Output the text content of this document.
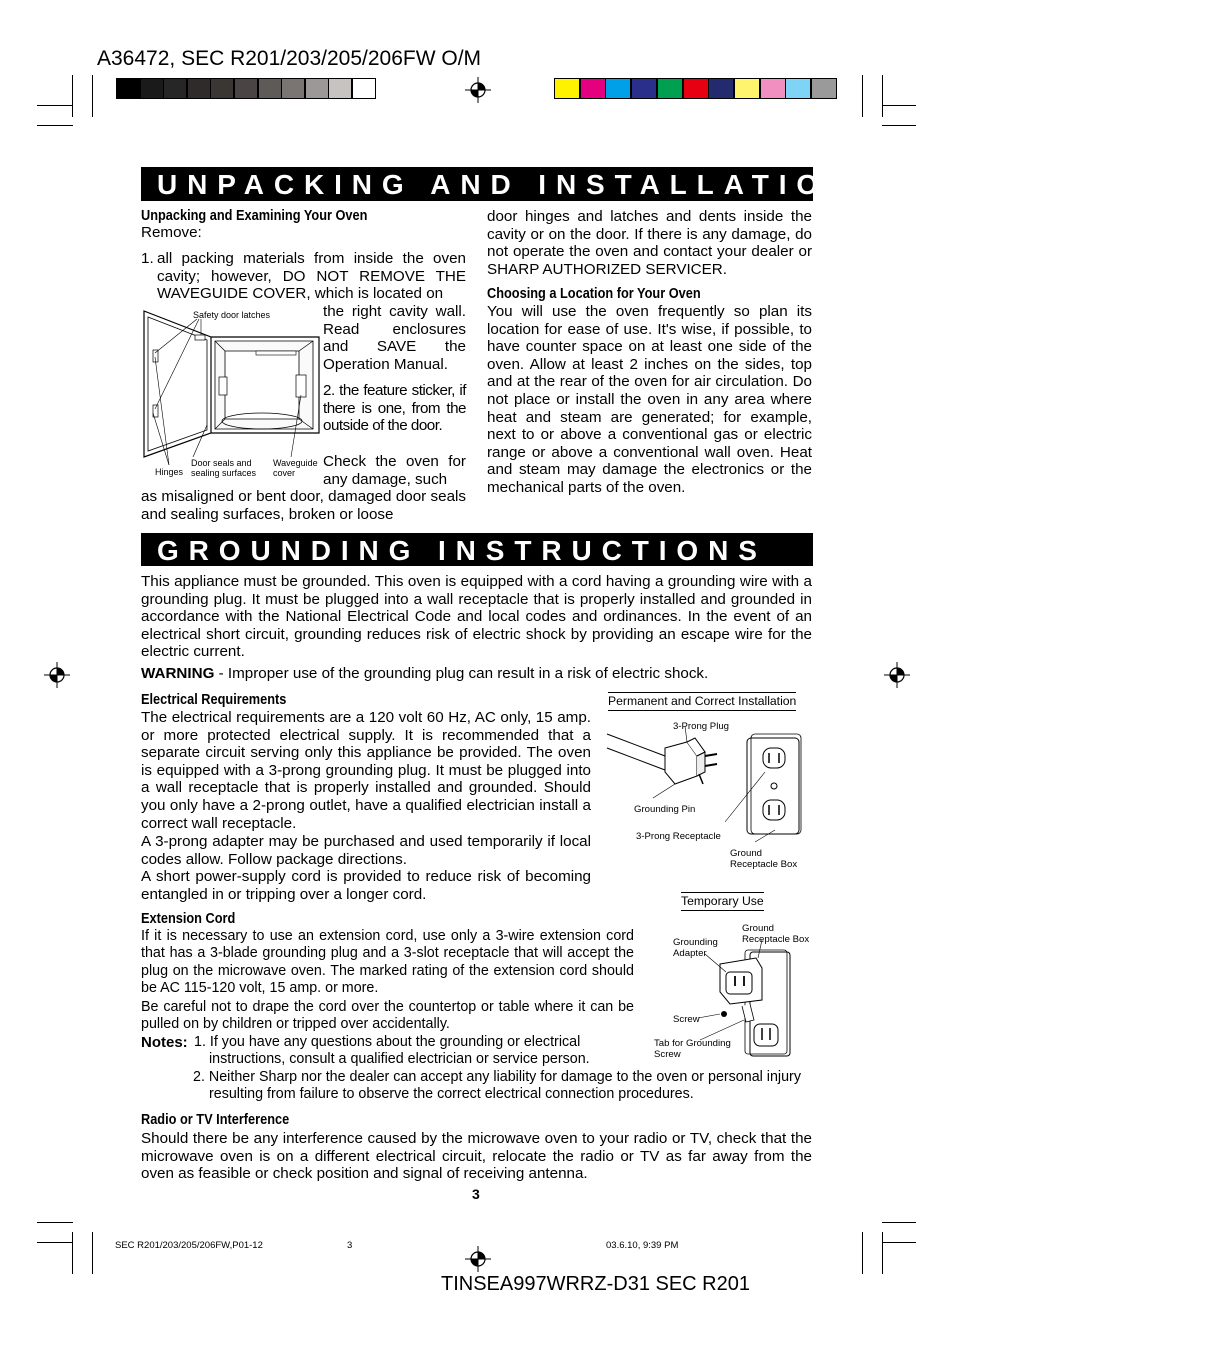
A36472, SEC R201/203/205/206FW O/M
UNPACKING AND INSTALLATION INSTRUCTIONS
Unpacking and Examining Your Oven
Remove:
1. all packing materials from inside the oven cavity; however, DO NOT REMOVE THE WAVEGUIDE COVER, which is located on
the right cavity wall. Read enclosures and SAVE the Operation Manual.
2. the feature sticker, if there is one, from the outside of the door.
Check the oven for any damage, such
as misaligned or bent door, damaged door seals and sealing surfaces, broken or loose
Safety door latches
Hinges
Door seals and sealing surfaces
Waveguide cover
door hinges and latches and dents inside the cavity or on the door. If there is any damage, do not operate the oven and contact your dealer or SHARP AUTHORIZED SERVICER.
Choosing a Location for Your Oven
You will use the oven frequently so plan its location for ease of use. It's wise, if possible, to have counter space on at least one side of the oven. Allow at least 2 inches on the sides, top and at the rear of the oven for air circulation. Do not place or install the oven in any area where heat and steam are generated; for example, next to or above a conventional gas or electric range or above a conventional wall oven. Heat and steam may damage the electronics or the mechanical parts of the oven.
GROUNDING INSTRUCTIONS
This appliance must be grounded. This oven is equipped with a cord having a grounding wire with a grounding plug. It must be plugged into a wall receptacle that is properly installed and grounded in accordance with the National Electrical Code and local codes and ordinances. In the event of an electrical short circuit, grounding reduces risk of electric shock by providing an escape wire for the electric current.
WARNING - Improper use of the grounding plug can result in a risk of electric shock.
Electrical Requirements
The electrical requirements are a 120 volt 60 Hz, AC only, 15 amp. or more protected electrical supply. It is recommended that a separate circuit serving only this appliance be provided. The oven is equipped with a 3-prong grounding plug. It must be plugged into a wall receptacle that is properly installed and grounded. Should you only have a 2-prong outlet, have a qualified electrician install a correct wall receptacle.
A 3-prong adapter may be purchased and used temporarily if local codes allow. Follow package directions.
A short power-supply cord is provided to reduce risk of becoming entangled in or tripping over a longer cord.
Extension Cord
If it is necessary to use an extension cord, use only a 3-wire extension cord that has a 3-blade grounding plug and a 3-slot receptacle that will accept the plug on the microwave oven. The marked rating of the extension cord should be AC 115-120 volt, 15 amp. or more.
Be careful not to drape the cord over the countertop or table where it can be pulled on by children or tripped over accidentally.
Notes: 1. If you have any questions about the grounding or electrical instructions, consult a qualified electrician or service person.
2. Neither Sharp nor the dealer can accept any liability for damage to the oven or personal injury resulting from failure to observe the correct electrical connection procedures.
Radio or TV Interference
Should there be any interference caused by the microwave oven to your radio or TV, check that the microwave oven is on a different electrical circuit, relocate the radio or TV as far away from the oven as feasible or check position and signal of receiving antenna.
Permanent and Correct Installation
3-Prong Plug
Grounding Pin
3-Prong Receptacle
Ground Receptacle Box
Temporary Use
Ground Receptacle Box
Grounding Adapter
Screw
Tab for Grounding Screw
3
SEC R201/203/205/206FW,P01-12	3	03.6.10, 9:39 PM
TINSEA997WRRZ-D31 SEC R201
